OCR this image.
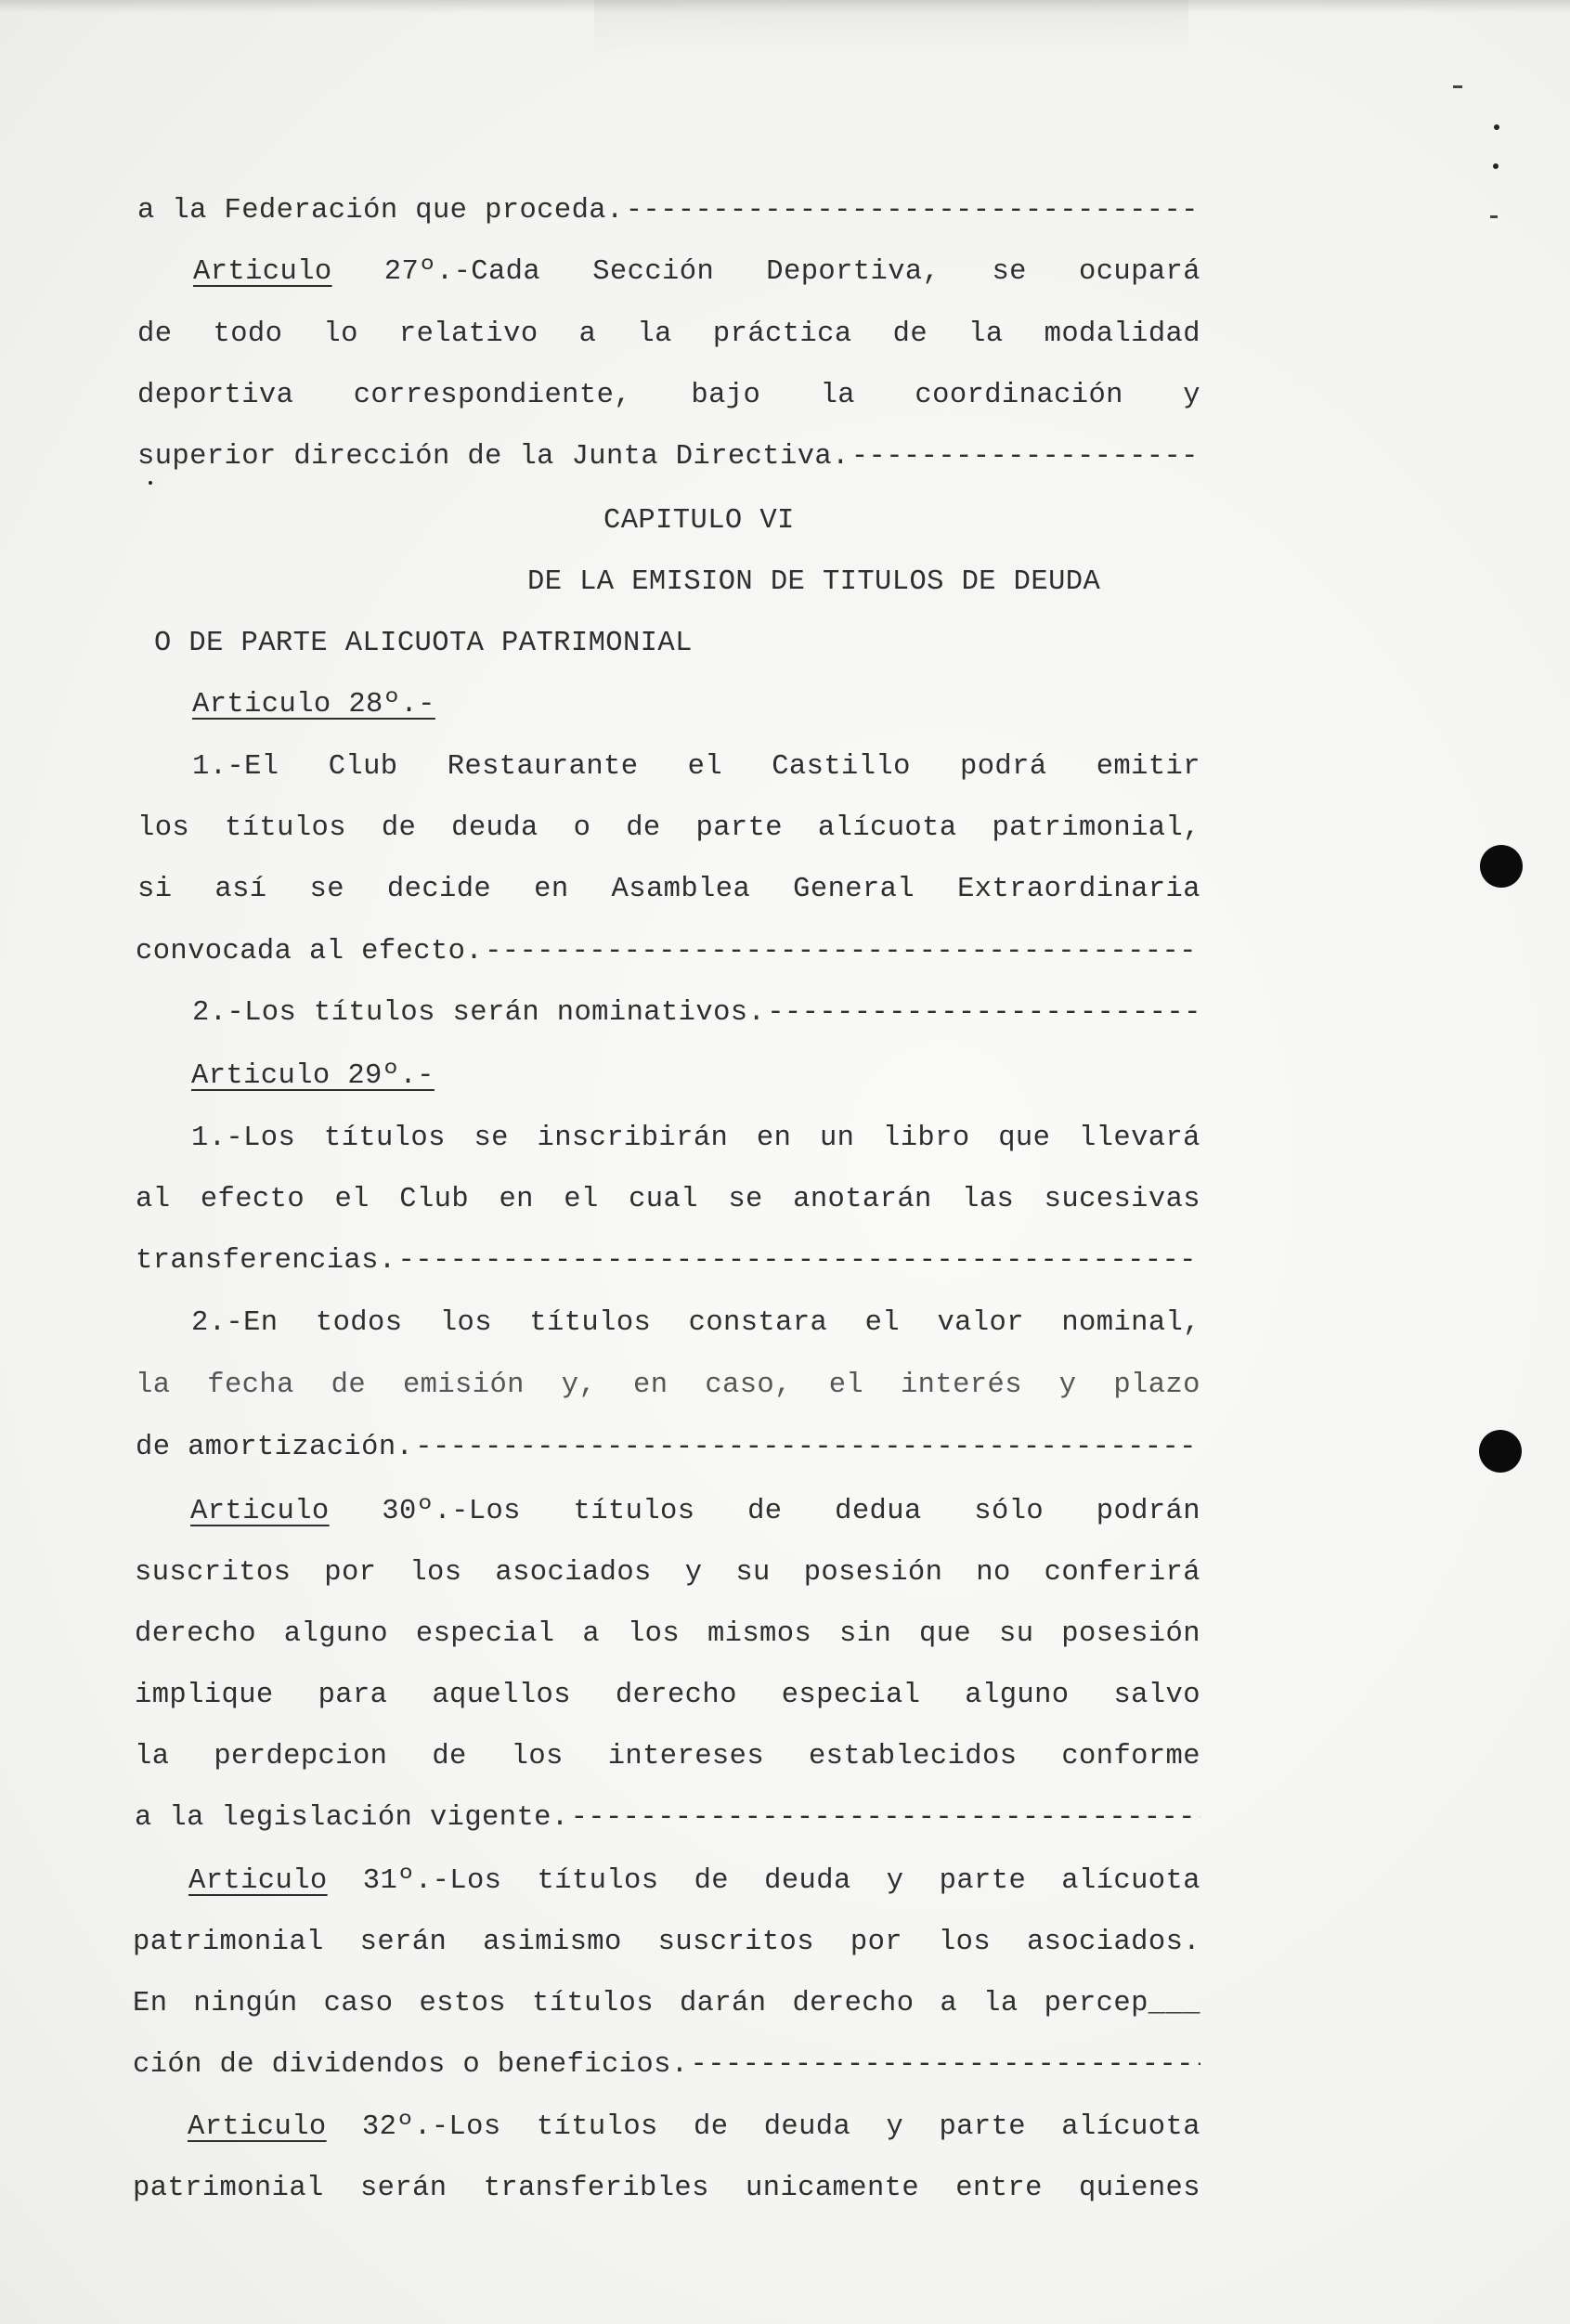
a
la
Federación
que
proceda.
-----
Articulo 27º.-Cada Sección Deportiva, se ocupará
de todo lo relativo a la práctica de la modalidad
deportiva correspondiente, bajo la coordinación y
superior
dirección
de
la
Junta
Directiva.
-----
CAPITULO VI
DE LA EMISION DE TITULOS DE DEUDA
O DE PARTE ALICUOTA PATRIMONIAL
Articulo 28º.-
1.-El Club Restaurante el Castillo podrá emitir
los títulos de deuda o de parte alícuota patrimonial,
si así se decide en Asamblea General Extraordinaria
convocada
al
efecto.
-----
2.-Los
títulos
serán
nominativos.
-----
Articulo 29º.-
1.-Los títulos se inscribirán en un libro que llevará
al efecto el Club en el cual se anotarán las sucesivas
transferencias.
-----
2.-En todos los títulos constara el valor nominal,
la fecha de emisión y, en caso, el interés y plazo
de
amortización.
-----
Articulo 30º.-Los títulos de dedua sólo podrán
suscritos por los asociados y su posesión no conferirá
derecho alguno especial a los mismos sin que su posesión
implique para aquellos derecho especial alguno salvo
la perdepcion de los intereses establecidos conforme
a
la
legislación
vigente.
-----
Articulo 31º.-Los títulos de deuda y parte alícuota
patrimonial serán asimismo suscritos por los asociados.
En ningún caso estos títulos darán derecho a la percep___
ción
de
dividendos
o
beneficios.
-----
Articulo 32º.-Los títulos de deuda y parte alícuota
patrimonial serán transferibles unicamente entre quienes
